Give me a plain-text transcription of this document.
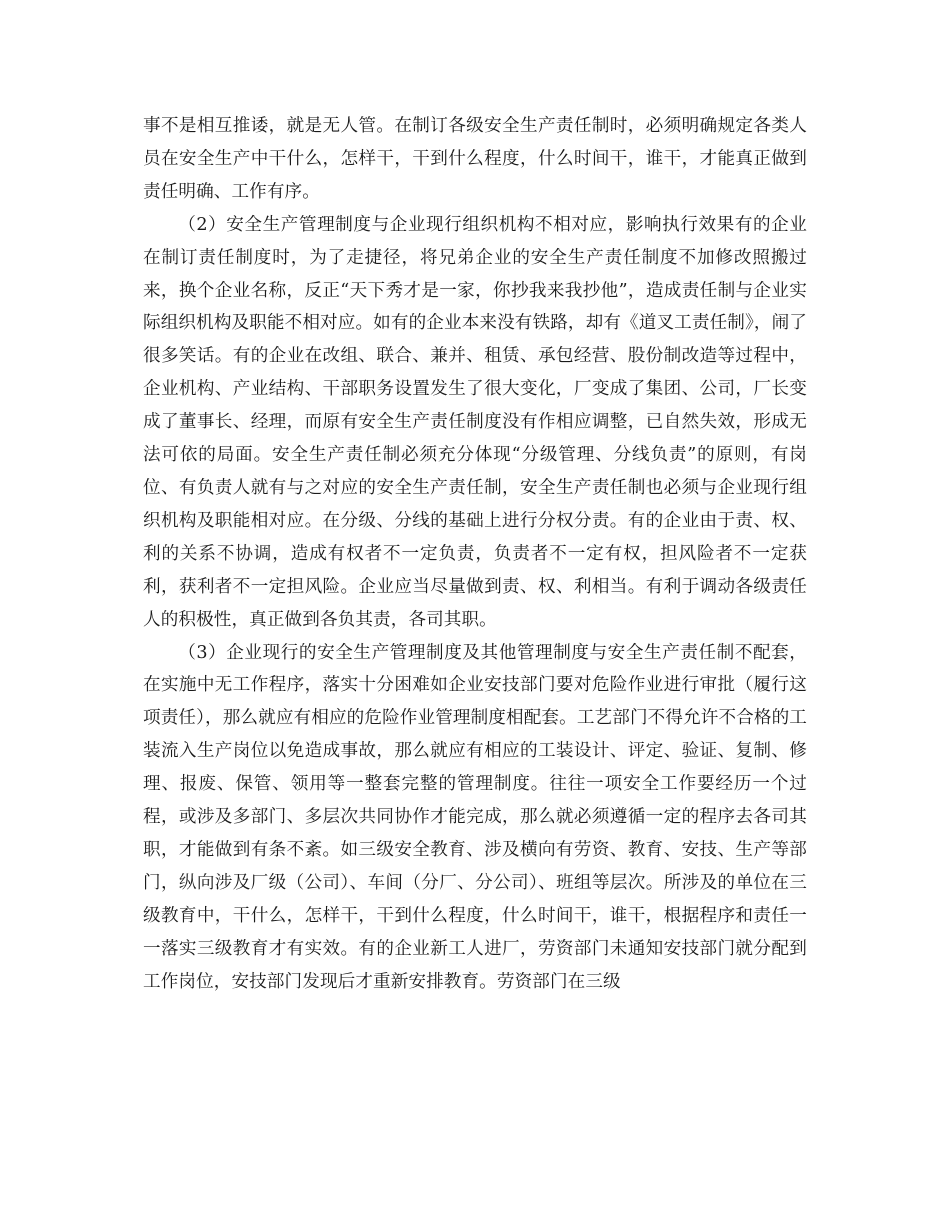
事不是相互推诿，就是无人管。在制订各级安全生产责任制时，必须明确规定各类人员在安全生产中干什么，怎样干，干到什么程度，什么时间干，谁干，才能真正做到责任明确、工作有序。

（2）安全生产管理制度与企业现行组织机构不相对应，影响执行效果有的企业在制订责任制度时，为了走捷径，将兄弟企业的安全生产责任制度不加修改照搬过来，换个企业名称，反正“天下秀才是一家，你抄我来我抄他”，造成责任制与企业实际组织机构及职能不相对应。如有的企业本来没有铁路，却有《道叉工责任制》，闹了很多笑话。有的企业在改组、联合、兼并、租赁、承包经营、股份制改造等过程中，企业机构、产业结构、干部职务设置发生了很大变化，厂变成了集团、公司，厂长变成了董事长、经理，而原有安全生产责任制度没有作相应调整，已自然失效，形成无法可依的局面。安全生产责任制必须充分体现“分级管理、分线负责”的原则，有岗位、有负责人就有与之对应的安全生产责任制，安全生产责任制也必须与企业现行组织机构及职能相对应。在分级、分线的基础上进行分权分责。有的企业由于责、权、利的关系不协调，造成有权者不一定负责，负责者不一定有权，担风险者不一定获利，获利者不一定担风险。企业应当尽量做到责、权、利相当。有利于调动各级责任人的积极性，真正做到各负其责，各司其职。

（3）企业现行的安全生产管理制度及其他管理制度与安全生产责任制不配套，在实施中无工作程序，落实十分困难如企业安技部门要对危险作业进行审批（履行这项责任），那么就应有相应的危险作业管理制度相配套。工艺部门不得允许不合格的工装流入生产岗位以免造成事故，那么就应有相应的工装设计、评定、验证、复制、修理、报废、保管、领用等一整套完整的管理制度。往往一项安全工作要经历一个过程，或涉及多部门、多层次共同协作才能完成，那么就必须遵循一定的程序去各司其职，才能做到有条不紊。如三级安全教育、涉及横向有劳资、教育、安技、生产等部门，纵向涉及厂级（公司）、车间（分厂、分公司）、班组等层次。所涉及的单位在三级教育中，干什么，怎样干，干到什么程度，什么时间干，谁干，根据程序和责任一一落实三级教育才有实效。有的企业新工人进厂，劳资部门未通知安技部门就分配到工作岗位，安技部门发现后才重新安排教育。劳资部门在三级
